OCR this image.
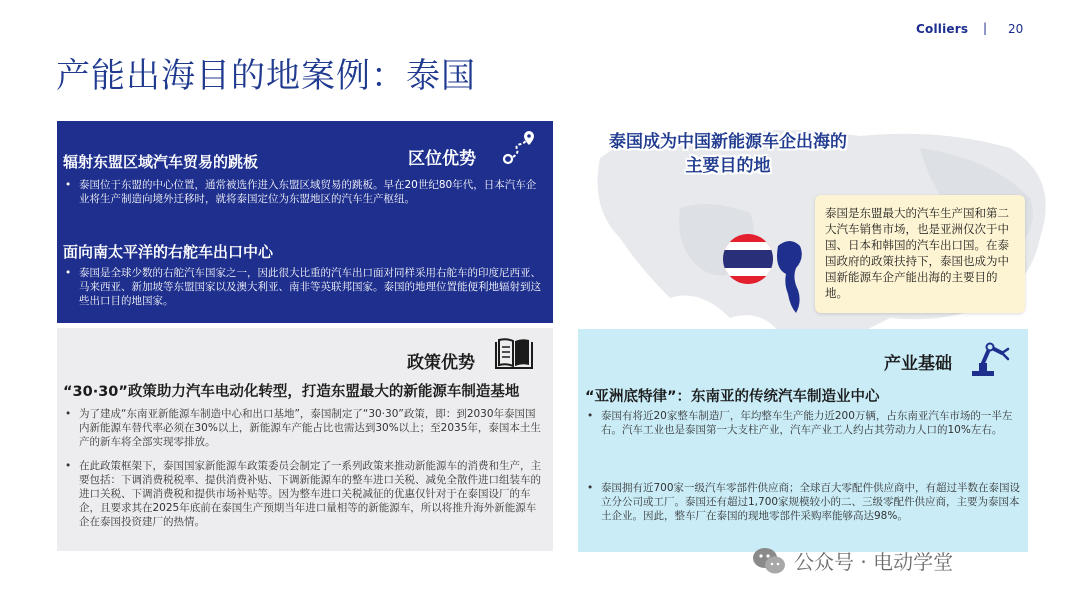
Colliers | 20
产能出海目的地案例：泰国
泰国成为中国新能源车企出海的主要目的地
泰国是东盟最大的汽车生产国和第二大汽车销售市场，也是亚洲仅次于中国、日本和韩国的汽车出口国。在泰国政府的政策扶持下，泰国也成为中国新能源车企产能出海的主要目的地。
区位优势
辐射东盟区域汽车贸易的跳板
• 泰国位于东盟的中心位置，通常被选作进入东盟区域贸易的跳板。早在20世纪80年代，日本汽车企业将生产制造向境外迁移时，就将泰国定位为东盟地区的汽车生产枢纽。
面向南太平洋的右舵车出口中心
• 泰国是全球少数的右舵汽车国家之一，因此很大比重的汽车出口面对同样采用右舵车的印度尼西亚、马来西亚、新加坡等东盟国家以及澳大利亚、南非等英联邦国家。泰国的地理位置能便利地辐射到这些出口目的地国家。
政策优势
“30·30”政策助力汽车电动化转型，打造东盟最大的新能源车制造基地
• 为了建成“东南亚新能源车制造中心和出口基地”，泰国制定了“30·30”政策，即：到2030年泰国国内新能源车替代率必须在30%以上，新能源车产能占比也需达到30%以上；至2035年，泰国本土生产的新车将全部实现零排放。
• 在此政策框架下，泰国国家新能源车政策委员会制定了一系列政策来推动新能源车的消费和生产，主要包括：下调消费税税率、提供消费补贴、下调新能源车的整车进口关税、减免全散件进口组装车的进口关税、下调消费税和提供市场补贴等。因为整车进口关税减征的优惠仅针对于在泰国设厂的车企，且要求其在2025年底前在泰国生产预期当年进口量相等的新能源车，所以将推升海外新能源车企在泰国投资建厂的热情。
产业基础
“亚洲底特律”：东南亚的传统汽车制造业中心
• 泰国有将近20家整车制造厂，年均整车生产能力近200万辆，占东南亚汽车市场的一半左右。汽车工业也是泰国第一大支柱产业，汽车产业工人约占其劳动力人口的10%左右。
• 泰国拥有近700家一级汽车零部件供应商；全球百大零配件供应商中，有超过半数在泰国设立分公司或工厂。泰国还有超过1,700家规模较小的二、三级零配件供应商，主要为泰国本土企业。因此，整车厂在泰国的现地零部件采购率能够高达98%。
公众号 · 电动学堂
